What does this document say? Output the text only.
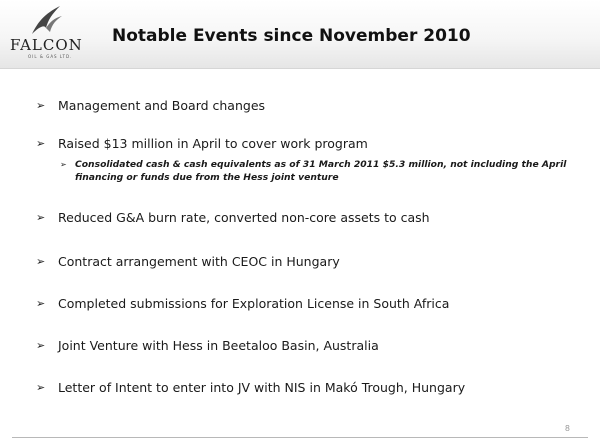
FALCON
OIL & GAS LTD.
Notable Events since November 2010
➢ Management and Board changes
➢ Raised $13 million in April to cover work program
➢ Consolidated cash & cash equivalents as of 31 March 2011 $5.3 million, not including the April financing or funds due from the Hess joint venture
➢ Reduced G&A burn rate, converted non-core assets to cash
➢ Contract arrangement with CEOC in Hungary
➢ Completed submissions for Exploration License in South Africa
➢ Joint Venture with Hess in Beetaloo Basin, Australia
➢ Letter of Intent to enter into JV with NIS in Makó Trough, Hungary
8
